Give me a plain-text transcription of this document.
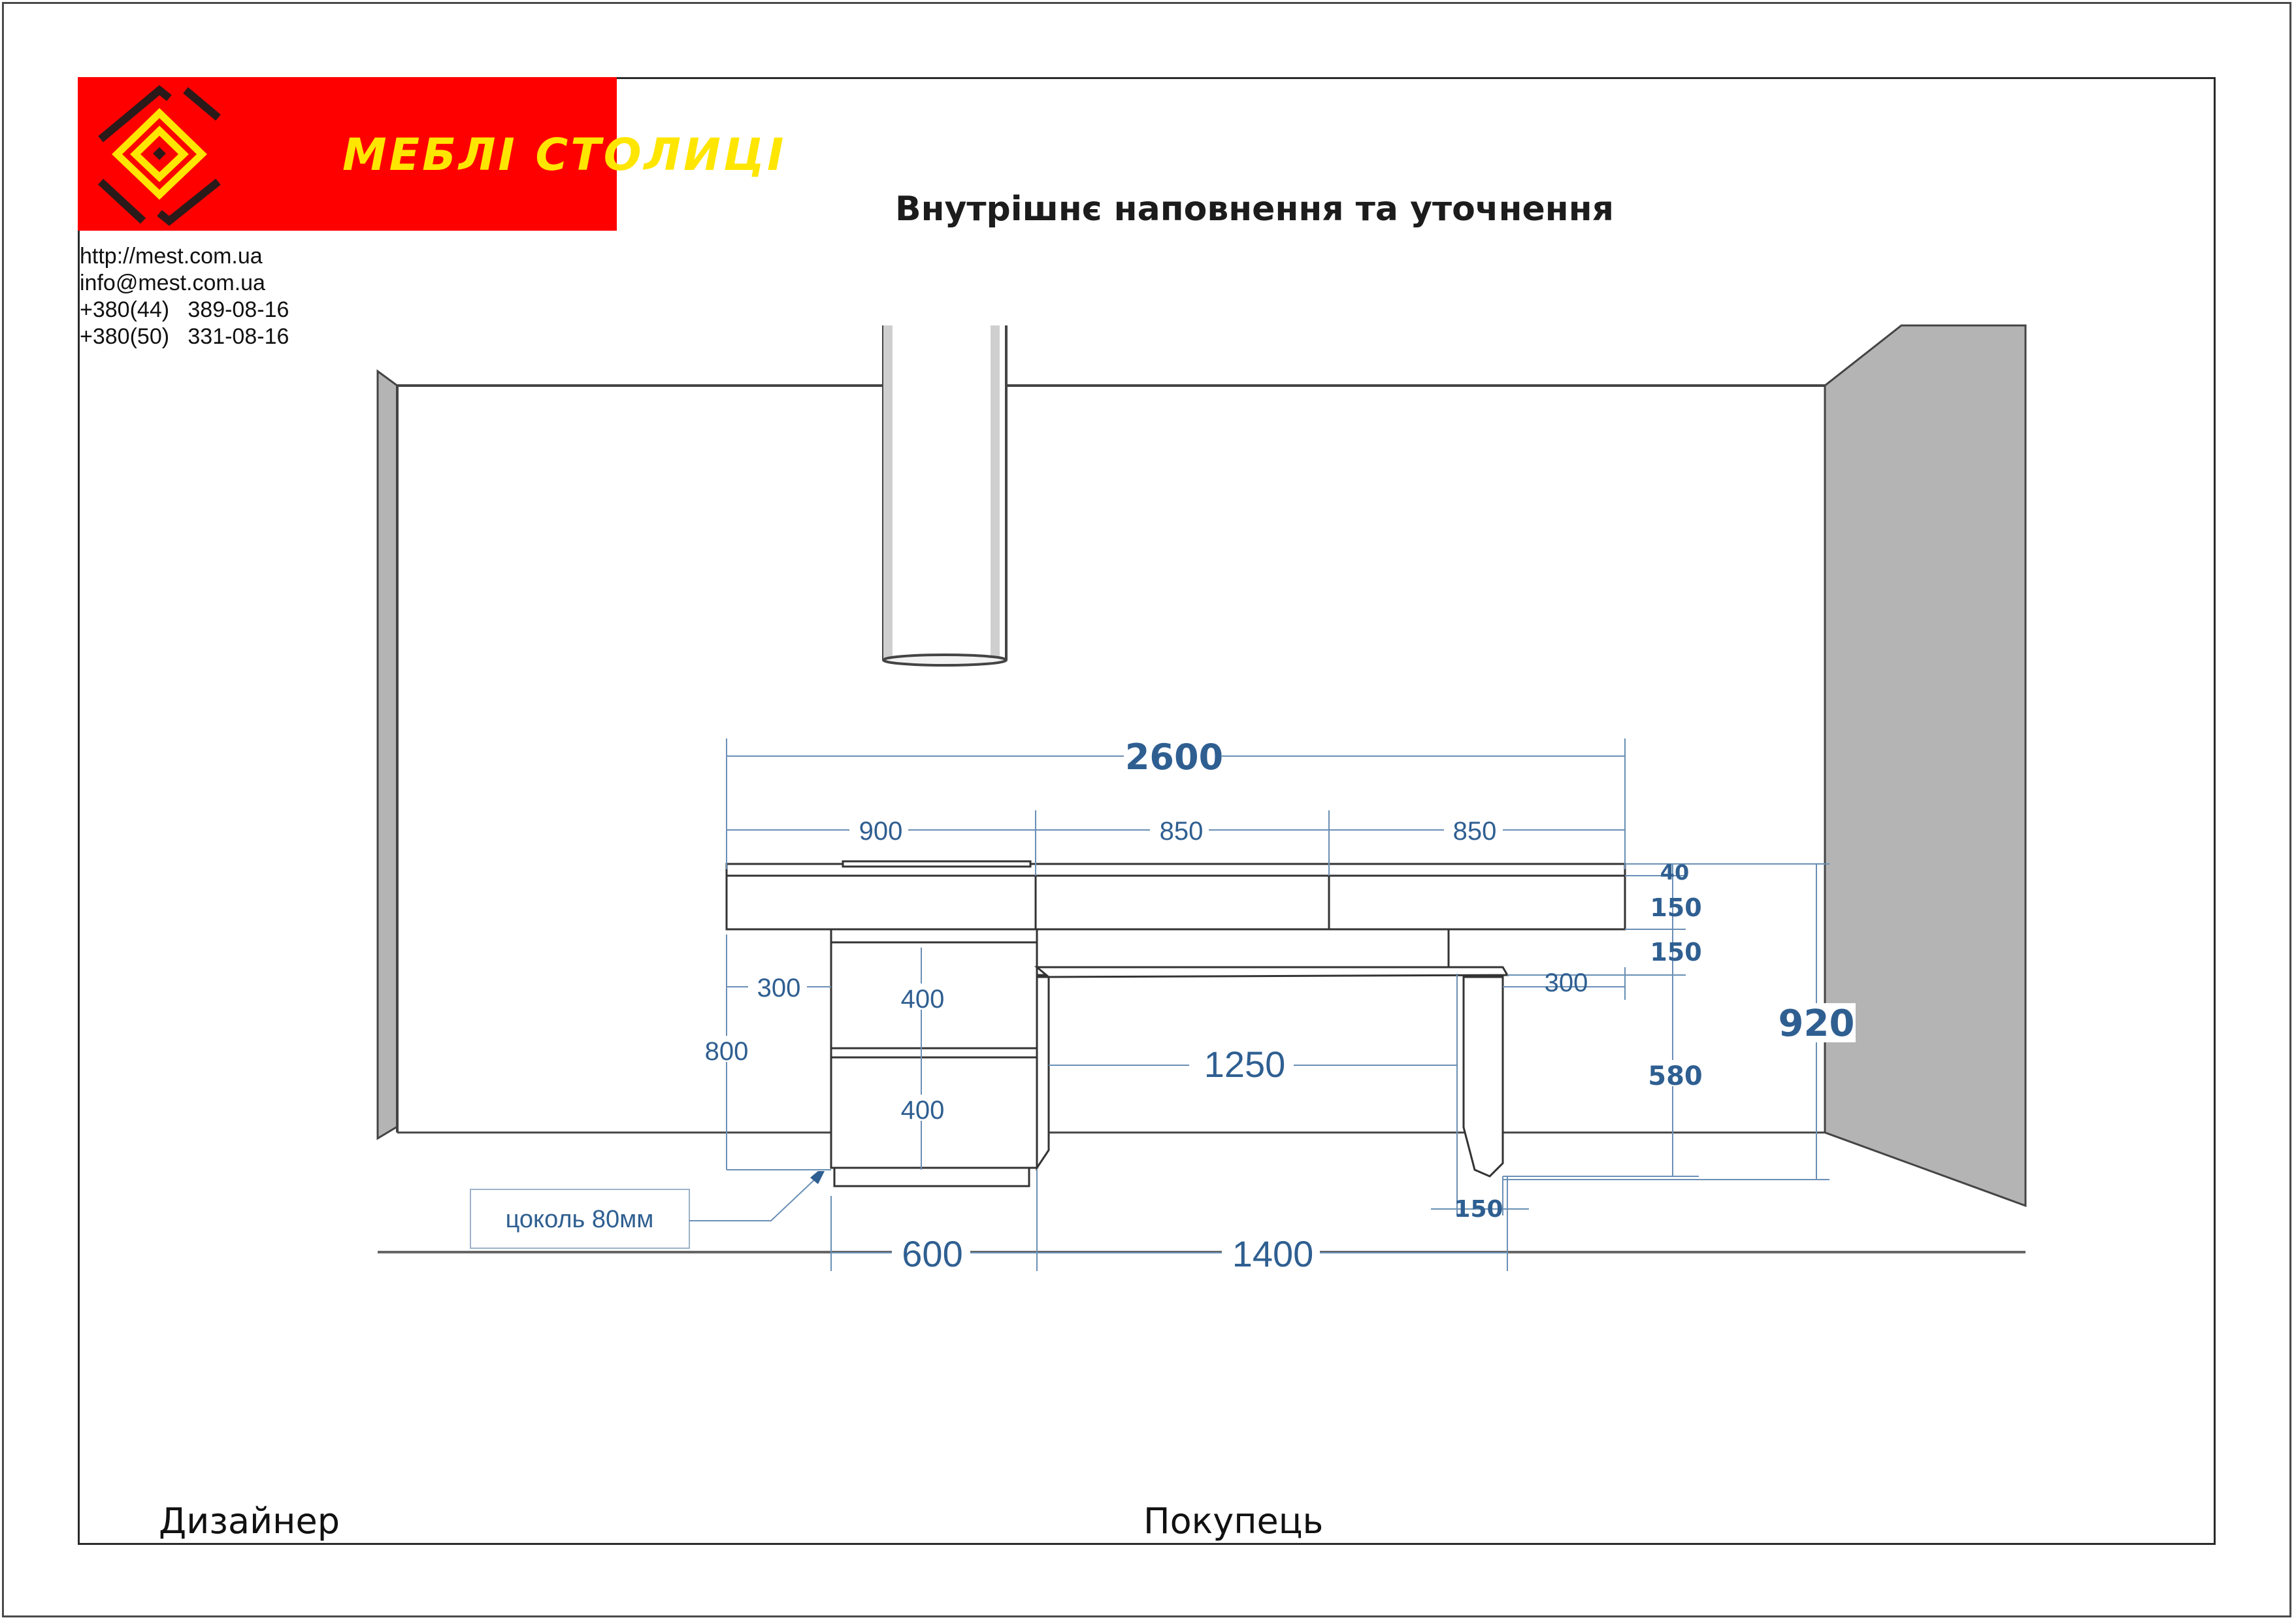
МЕБЛІ СТОЛИЦІ
http://mest.com.ua
info@mest.com.ua
+380(44)   389-08-16
+380(50)   331-08-16
Внутрішнє наповнення та уточнення
2600
900	850	850
40
150
150
300	300
400
400
800	1250	580
920
150
600	1400
цоколь 80мм
Дизайнер	Покупець
